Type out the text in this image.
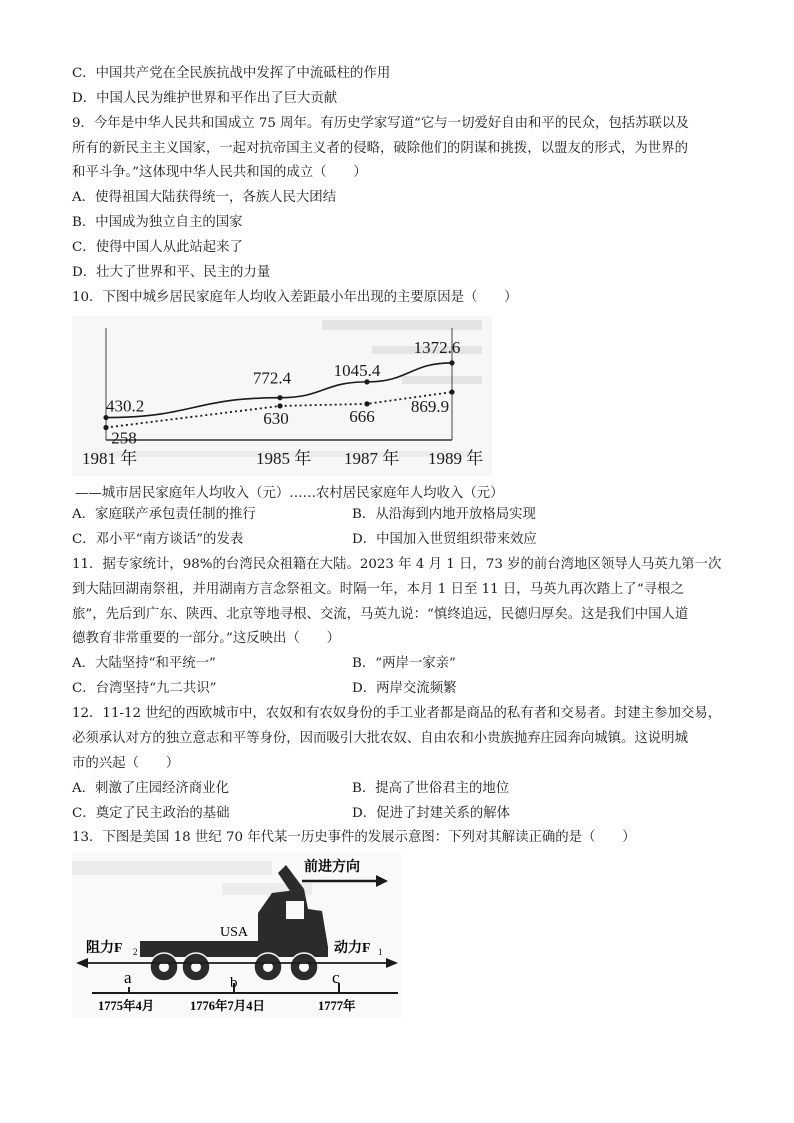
C．中国共产党在全民族抗战中发挥了中流砥柱的作用
D．中国人民为维护世界和平作出了巨大贡献
9．今年是中华人民共和国成立 75 周年。有历史学家写道“它与一切爱好自由和平的民众，包括苏联以及
所有的新民主主义国家，一起对抗帝国主义者的侵略，破除他们的阴谋和挑拨，以盟友的形式，为世界的
和平斗争。”这体现中华人民共和国的成立（　　）
A．使得祖国大陆获得统一，各族人民大团结
B．中国成为独立自主的国家
C．使得中国人从此站起来了
D．壮大了世界和平、民主的力量
10．下图中城乡居民家庭年人均收入差距最小年出现的主要原因是（　　）
430.2
772.4	1045.4
1372.6
258
630	666
869.9
1981 年	1985 年 1987 年 1989 年
——城市居民家庭年人均收入（元）……农村居民家庭年人均收入（元）
A．家庭联产承包责任制的推行	B．从沿海到内地开放格局实现
C．邓小平“南方谈话”的发表	D．中国加入世贸组织带来效应
11．据专家统计，98%的台湾民众祖籍在大陆。2023 年 4 月 1 日，73 岁的前台湾地区领导人马英九第一次
到大陆回湖南祭祖，并用湖南方言念祭祖文。时隔一年，本月 1 日至 11 日，马英九再次踏上了“寻根之
旅”，先后到广东、陕西、北京等地寻根、交流，马英九说：“慎终追远，民德归厚矣。这是我们中国人道
德教育非常重要的一部分。”这反映出（　　）
A．大陆坚持“和平统一”	B．“两岸一家亲”
C．台湾坚持“九二共识”	D．两岸交流频繁
12．11-12 世纪的西欧城市中，农奴和有农奴身份的手工业者都是商品的私有者和交易者。封建主参加交易，
必须承认对方的独立意志和平等身份，因而吸引大批农奴、自由农和小贵族抛弃庄园奔向城镇。这说明城
市的兴起（　　）
A．刺激了庄园经济商业化	B．提高了世俗君主的地位
C．奠定了民主政治的基础	D．促进了封建关系的解体
13．下图是美国 18 世纪 70 年代某一历史事件的发展示意图：下列对其解读正确的是（　　）
前进方向
USA
阻力F 2	动力F 1
a	b	c
1775年4月	1776年7月4日	1777年
